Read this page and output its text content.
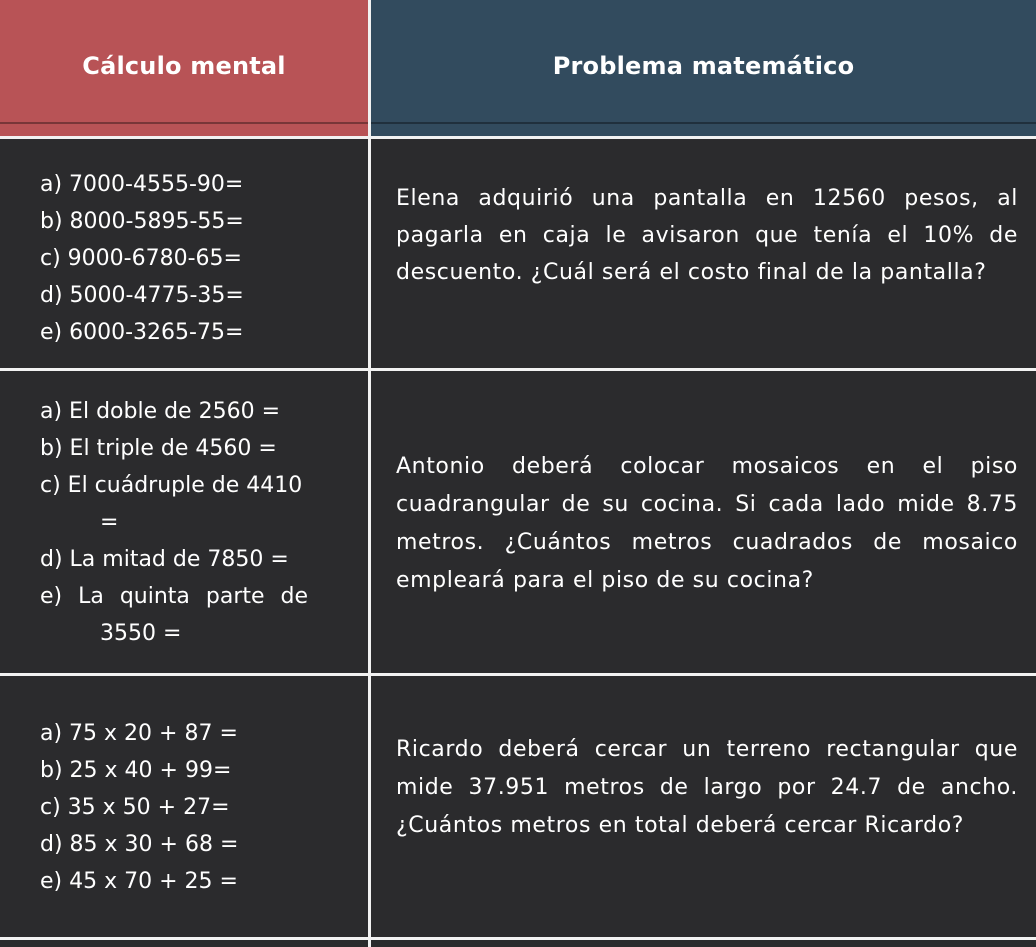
Cálculo mental	Problema matemático
a) 7000-4555-90=
b) 8000-5895-55=
c) 9000-6780-65=
d) 5000-4775-35=
e) 6000-3265-75=

Elena adquirió una pantalla en 12560 pesos, al pagarla en caja le avisaron que tenía el 10% de descuento. ¿Cuál será el costo final de la pantalla?

a) El doble de 2560 =
b) El triple de 4560 =
c) El cuádruple de 4410
=
d) La mitad de 7850 =
e) La quinta parte de
3550 =

Antonio deberá colocar mosaicos en el piso cuadrangular de su cocina. Si cada lado mide 8.75 metros. ¿Cuántos metros cuadrados de mosaico empleará para el piso de su cocina?

a) 75 x 20 + 87 =
b) 25 x 40 + 99=
c) 35 x 50 + 27=
d) 85 x 30 + 68 =
e) 45 x 70 + 25 =

Ricardo deberá cercar un terreno rectangular que mide 37.951 metros de largo por 24.7 de ancho. ¿Cuántos metros en total deberá cercar Ricardo?
